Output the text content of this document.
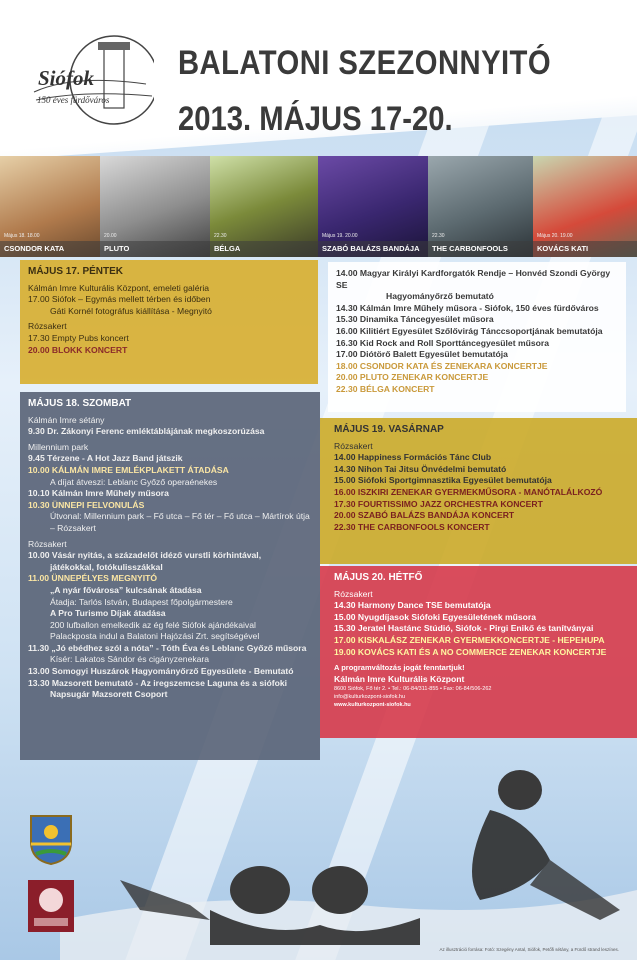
Siófok
150 éves fürdőváros
BALATONI SZEZONNYITÓ
2013. MÁJUS 17-20.
Május 18. 18.00
CSONDOR KATA
20.00
PLUTO
22.30
BÉLGA
Május 19. 20.00
SZABÓ BALÁZS BANDÁJA
22.30
THE CARBONFOOLS
Május 20. 19.00
KOVÁCS KATI
MÁJUS 17. PÉNTEK
Kálmán Imre Kulturális Központ, emeleti galéria
17.00 Siófok – Egymás mellett térben és időben
Gáti Kornél fotográfus kiállítása - Megnyitó
Rózsakert
17.30 Empty Pubs koncert
20.00 BLOKK KONCERT
MÁJUS 18. SZOMBAT
Kálmán Imre sétány
9.30 Dr. Zákonyi Ferenc emléktáblájának megkoszorúzása
Millennium park
9.45 Térzene - A Hot Jazz Band játszik
10.00 KÁLMÁN IMRE EMLÉKPLAKETT ÁTADÁSA
A díjat átveszi: Leblanc Győző operaénekes
10.10 Kálmán Imre Műhely műsora
10.30 ÜNNEPI FELVONULÁS
Útvonal: Millennium park – Fő utca – Fő tér – Fő utca – Mártírok útja – Rózsakert
Rózsakert
10.00 Vásár nyitás, a századelőt idéző vurstli körhintával,
játékokkal, fotókulisszákkal
11.00 ÜNNEPÉLYES MEGNYITÓ
„A nyár fővárosa” kulcsának átadása
Átadja: Tarlós István, Budapest főpolgármestere
A Pro Turismo Díjak átadása
200 lufballon emelkedik az ég felé Siófok ajándékaival
Palackposta indul a Balatoni Hajózási Zrt. segítségével
11.30 „Jó ebédhez szól a nóta” - Tóth Éva és Leblanc Győző műsora
Kísér: Lakatos Sándor és cigányzenekara
13.00 Somogyi Huszárok Hagyományőrző Egyesülete - Bemutató
13.30 Mazsorett bemutató - Az iregszemcse Laguna és a siófoki
Napsugár Mazsorett Csoport
14.00 Magyar Királyi Kardforgatók Rendje – Honvéd Szondi György SE
Hagyományőrző bemutató
14.30 Kálmán Imre Műhely műsora - Siófok, 150 éves fürdőváros
15.30 Dinamika Táncegyesület műsora
16.00 Kilitiért Egyesület Szőlővirág Tánccsoportjának bemutatója
16.30 Kid Rock and Roll Sporttáncegyesület műsora
17.00 Diótörő Balett Egyesület bemutatója
18.00 CSONDOR KATA ÉS ZENEKARA KONCERTJE
20.00 PLUTO ZENEKAR KONCERTJE
22.30 BÉLGA KONCERT
MÁJUS 19. VASÁRNAP
Rózsakert
14.00 Happiness Formációs Tánc Club
14.30 Nihon Tai Jitsu Önvédelmi bemutató
15.00 Siófoki Sportgimnasztika Egyesület bemutatója
16.00 ISZKIRI ZENEKAR GYERMEKMŰSORA - MANÓTALÁLKOZÓ
17.30 FOURTISSIMO JAZZ ORCHESTRA KONCERT
20.00 SZABÓ BALÁZS BANDÁJA KONCERT
22.30 THE CARBONFOOLS KONCERT
MÁJUS 20. HÉTFŐ
Rózsakert
14.30 Harmony Dance TSE bemutatója
15.00 Nyugdíjasok Siófoki Egyesületének műsora
15.30 Jeratel Hastánc Stúdió, Siófok - Pirgi Enikő és tanítványai
17.00 KISKALÁSZ ZENEKAR GYERMEKKONCERTJE - HEPEHUPA
19.00 KOVÁCS KATI ÉS A NO COMMERCE ZENEKAR KONCERTJE
A programváltozás jogát fenntartjuk!
Kálmán Imre Kulturális Központ
8600 Siófok, Fő tér 2. • Tel.: 06-84/311-855 • Fax: 06-84/506-262
info@kulturkozpont-siofok.hu
www.kulturkozpont-siofok.hu
Az illusztráció forrása: Fotó: Szegény Antal, Siófok, Petőfi sétány, a Fürdő strand leszínes.
